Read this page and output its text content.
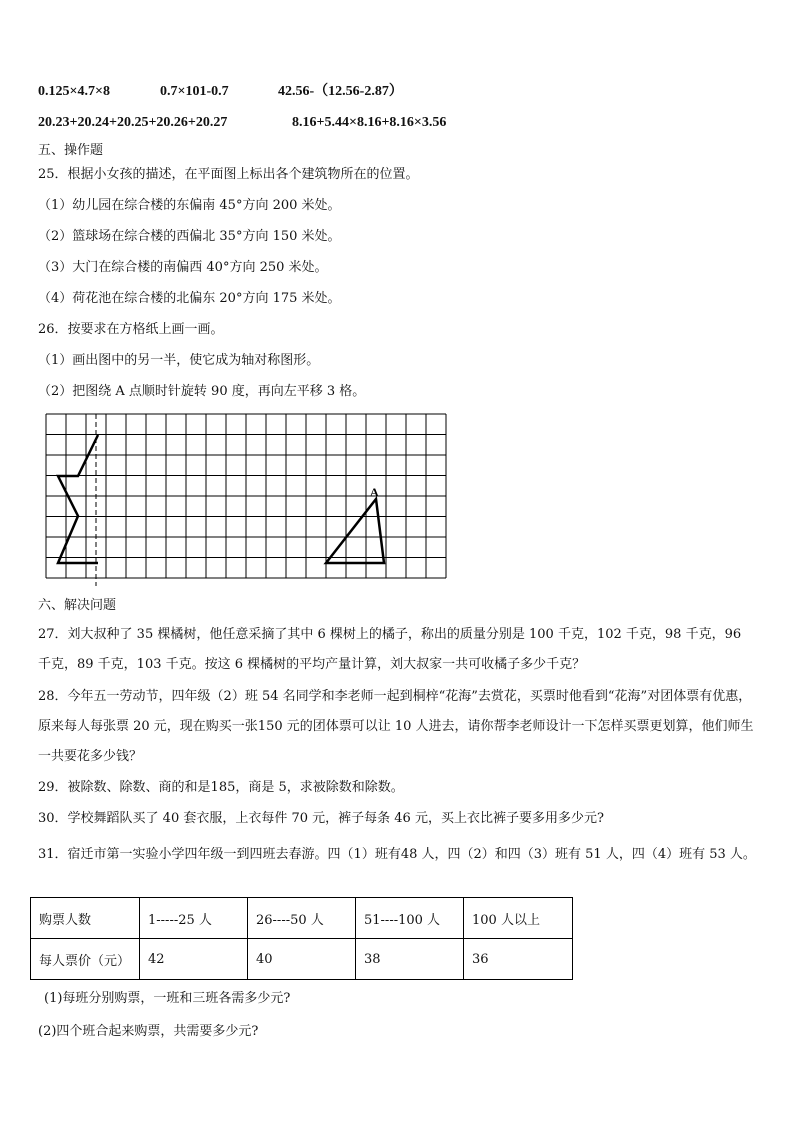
0.125×4.7×8	0.7×101-0.7	42.56-（12.56-2.87）
20.23+20.24+20.25+20.26+20.27	8.16+5.44×8.16+8.16×3.56
五、操作题
25．根据小女孩的描述，在平面图上标出各个建筑物所在的位置。
（1）幼儿园在综合楼的东偏南 45°方向 200 米处。
（2）篮球场在综合楼的西偏北 35°方向 150 米处。
（3）大门在综合楼的南偏西 40°方向 250 米处。
（4）荷花池在综合楼的北偏东 20°方向 175 米处。
26．按要求在方格纸上画一画。
（1）画出图中的另一半，使它成为轴对称图形。
（2）把图绕 A 点顺时针旋转 90 度，再向左平移 3 格。
A
六、解决问题
27．刘大叔种了 35 棵橘树，他任意采摘了其中 6 棵树上的橘子，称出的质量分别是 100 千克，102 千克，98 千克，96 千克，89 千克，103 千克。按这 6 棵橘树的平均产量计算，刘大叔家一共可收橘子多少千克？
28．今年五一劳动节，四年级（2）班 54 名同学和李老师一起到桐梓“花海”去赏花，买票时他看到“花海”对团体票有优惠，原来每人每张票 20 元，现在购买一张150 元的团体票可以让 10 人进去，请你帮李老师设计一下怎样买票更划算，他们师生一共要花多少钱？
29．被除数、除数、商的和是185，商是 5，求被除数和除数。
30．学校舞蹈队买了 40 套衣服，上衣每件 70 元，裤子每条 46 元，买上衣比裤子要多用多少元?
31．宿迁市第一实验小学四年级一到四班去春游。四（1）班有48 人，四（2）和四（3）班有 51 人，四（4）班有 53 人。
购票人数	1-----25 人	26----50 人	51----100 人	100 人以上
每人票价（元）	42	40	38	36
(1)每班分别购票，一班和三班各需多少元?
(2)四个班合起来购票，共需要多少元?
